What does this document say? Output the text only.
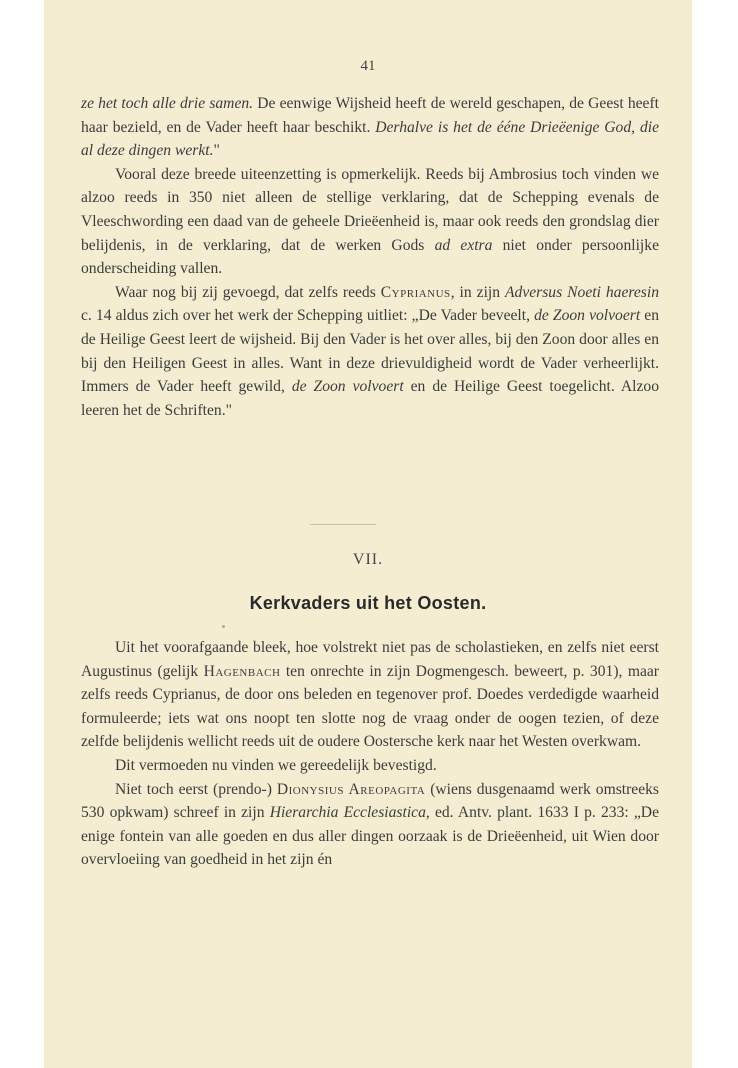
41

ze het toch alle drie samen. De eenwige Wijsheid heeft de wereld geschapen, de Geest heeft haar bezield, en de Vader heeft haar beschikt. Derhalve is het de ééne Drieëenige God, die al deze dingen werkt."

Vooral deze breede uiteenzetting is opmerkelijk. Reeds bij Ambrosius toch vinden we alzoo reeds in 350 niet alleen de stellige verklaring, dat de Schepping evenals de Vleeschwording een daad van de geheele Drieëenheid is, maar ook reeds den grondslag dier belijdenis, in de verklaring, dat de werken Gods ad extra niet onder persoonlijke onderscheiding vallen.

Waar nog bij zij gevoegd, dat zelfs reeds Cyprianus, in zijn Adversus Noeti haeresin c. 14 aldus zich over het werk der Schepping uitliet: „De Vader beveelt, de Zoon volvoert en de Heilige Geest leert de wijsheid. Bij den Vader is het over alles, bij den Zoon door alles en bij den Heiligen Geest in alles. Want in deze drievuldigheid wordt de Vader verheerlijkt. Immers de Vader heeft gewild, de Zoon volvoert en de Heilige Geest toegelicht. Alzoo leeren het de Schriften."

VII.
Kerkvaders uit het Oosten.

Uit het voorafgaande bleek, hoe volstrekt niet pas de scholastieken, en zelfs niet eerst Augustinus (gelijk Hagenbach ten onrechte in zijn Dogmengesch. beweert, p. 301), maar zelfs reeds Cyprianus, de door ons beleden en tegenover prof. Doedes verdedigde waarheid formuleerde; iets wat ons noopt ten slotte nog de vraag onder de oogen tezien, of deze zelfde belijdenis wellicht reeds uit de oudere Oostersche kerk naar het Westen overkwam.

Dit vermoeden nu vinden we gereedelijk bevestigd.

Niet toch eerst (prendo-) Dionysius Areopagita (wiens dusgenaamd werk omstreeks 530 opkwam) schreef in zijn Hierarchia Ecclesiastica, ed. Antv. plant. 1633 I p. 233: „De enige fontein van alle goeden en dus aller dingen oorzaak is de Drieëenheid, uit Wien door overvloeiing van goedheid in het zijn én
